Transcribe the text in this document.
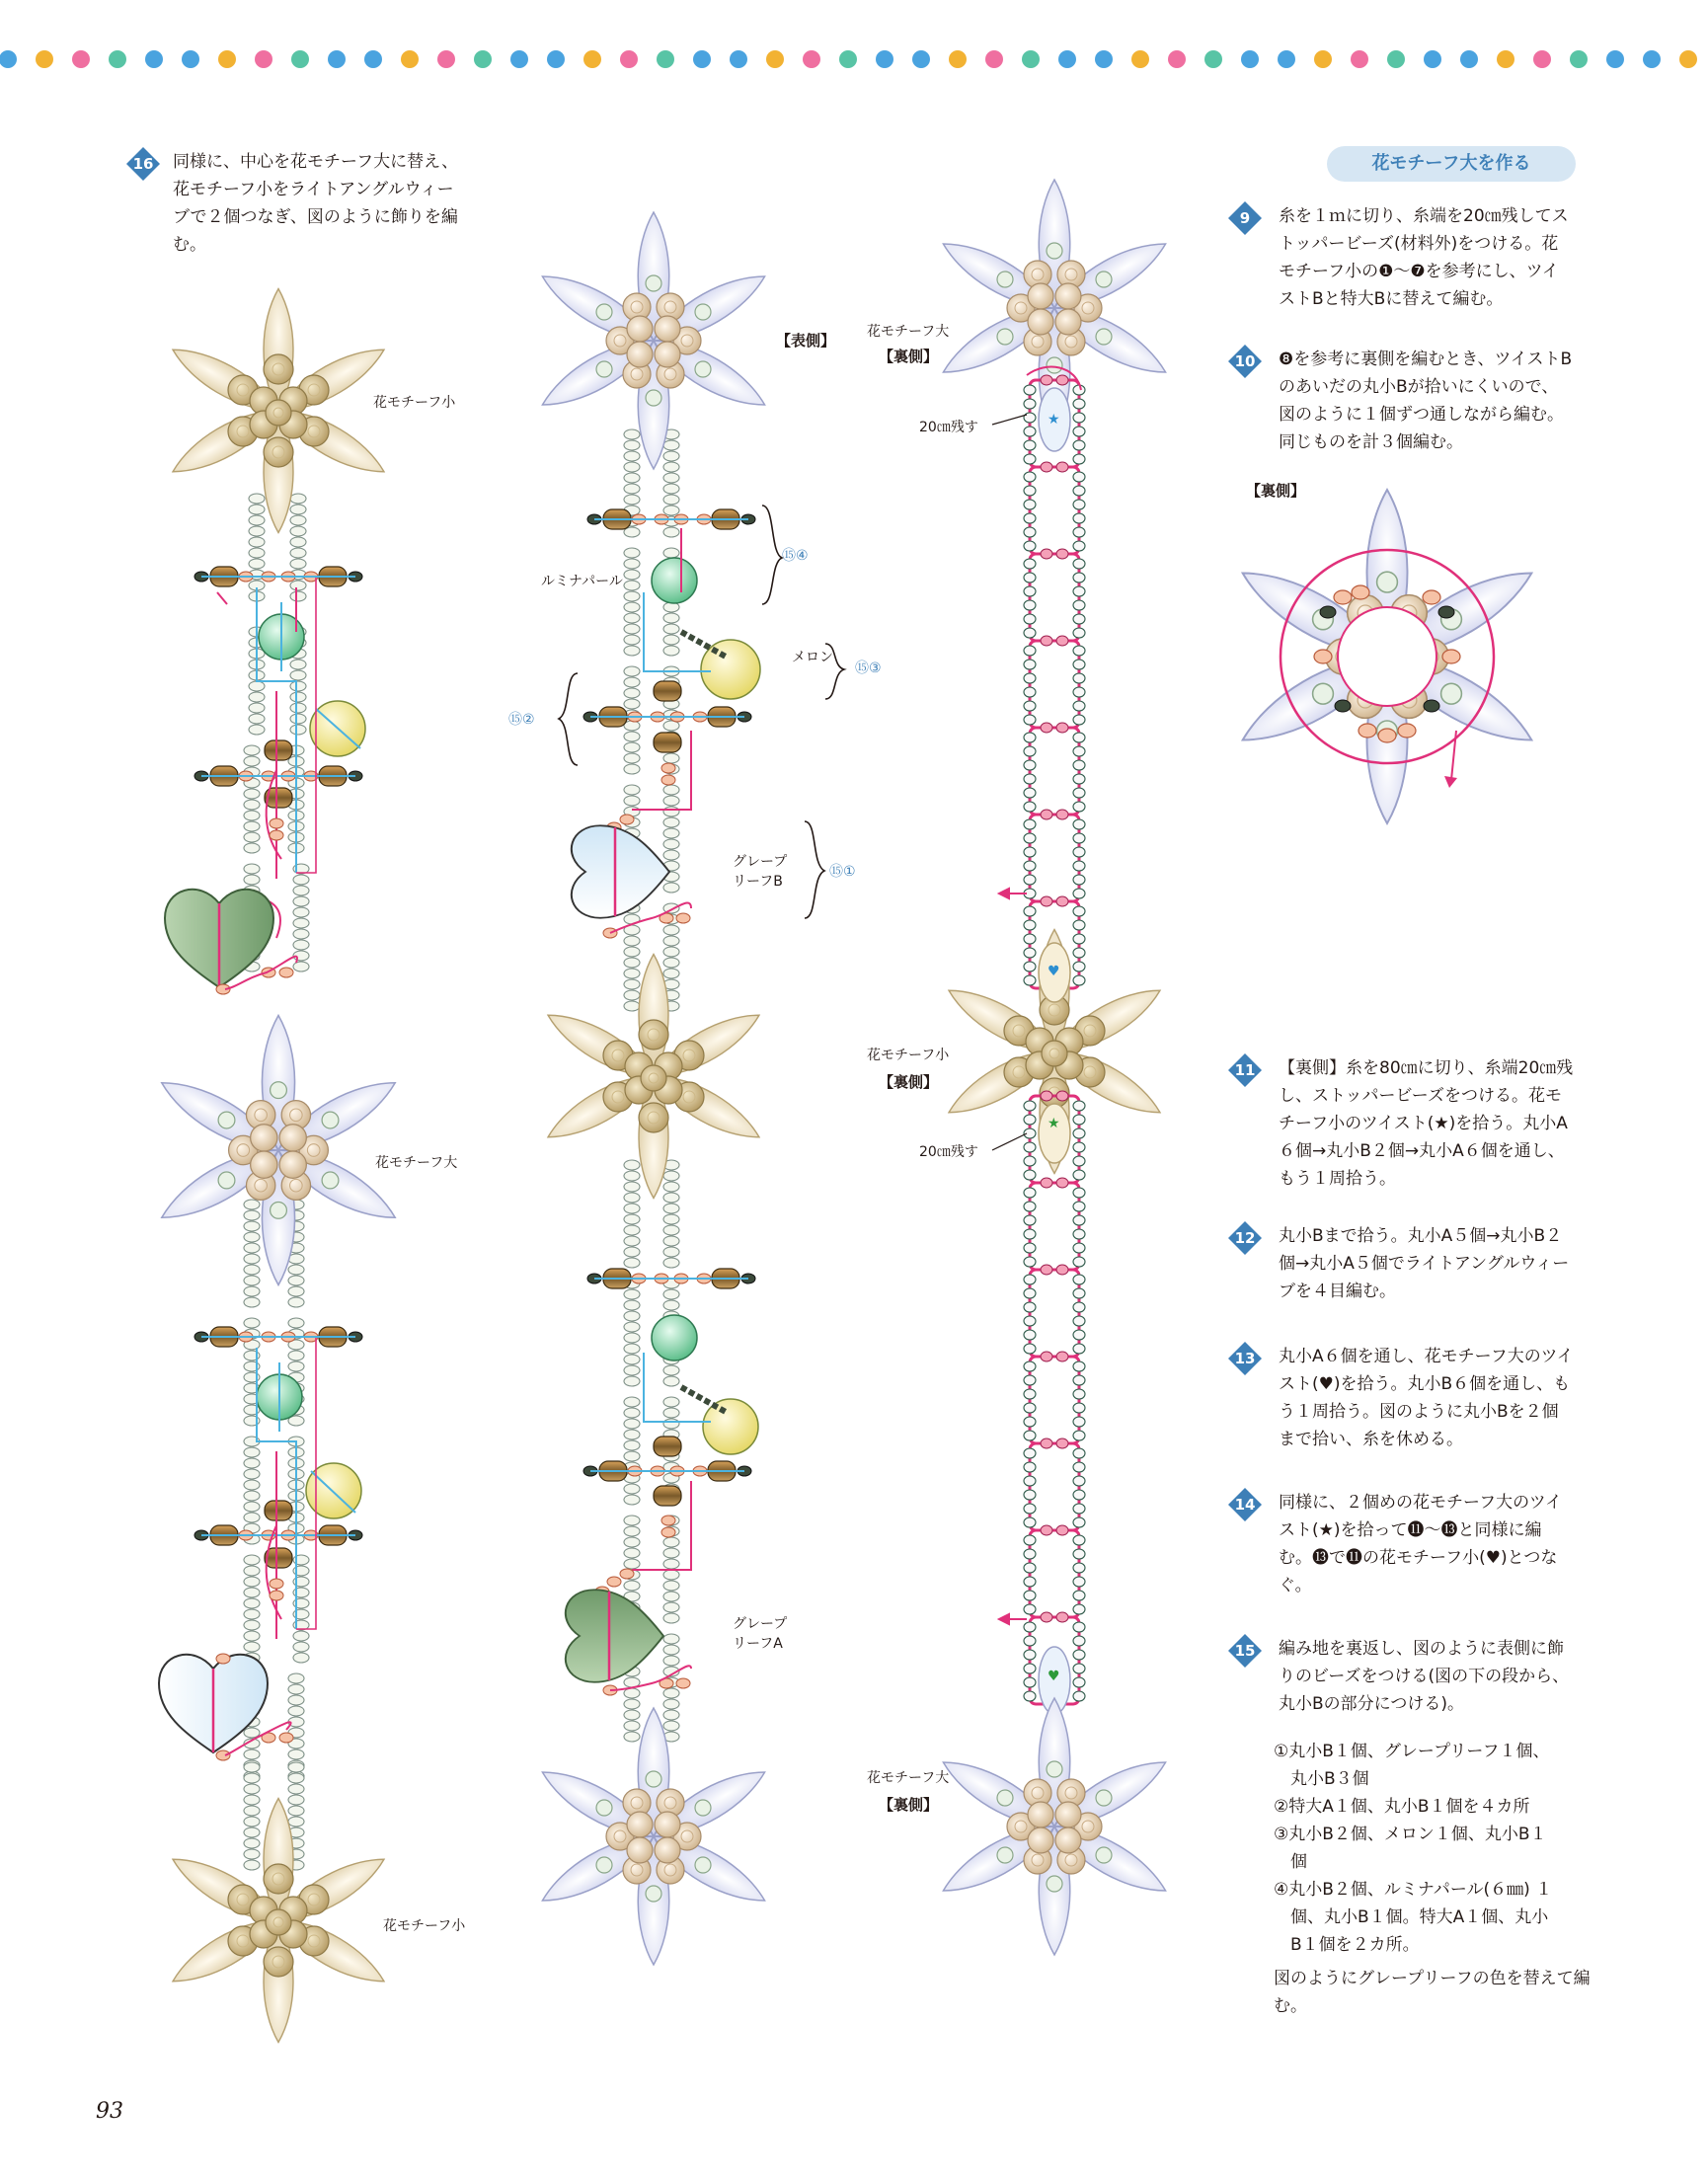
花モチーフ大を作る
16	同様に、中心を花モチーフ大に替え、花モチーフ小をライトアングルウィーブで２個つなぎ、図のように飾りを編む。
9	糸を１ｍに切り、糸端を20㎝残してストッパービーズ(材料外)をつける。花モチーフ小の❶〜❼を参考にし、ツイストBと特大Bに替えて編む。
10	❽を参考に裏側を編むとき、ツイストBのあいだの丸小Bが拾いにくいので、図のように１個ずつ通しながら編む。同じものを計３個編む。
【裏側】
11	【裏側】糸を80㎝に切り、糸端20㎝残し、ストッパービーズをつける。花モチーフ小のツイスト(★)を拾う。丸小A６個→丸小B２個→丸小A６個を通し、もう１周拾う。
12	丸小Bまで拾う。丸小A５個→丸小B２個→丸小A５個でライトアングルウィーブを４目編む。
13	丸小A６個を通し、花モチーフ大のツイスト(♥)を拾う。丸小B６個を通し、もう１周拾う。図のように丸小Bを２個まで拾い、糸を休める。
14	同様に、２個めの花モチーフ大のツイスト(★)を拾って⓫〜⓭と同様に編む。⓭で⓫の花モチーフ小(♥)とつなぐ。
15	編み地を裏返し、図のように表側に飾りのビーズをつける(図の下の段から、丸小Bの部分につける)。
①丸小B１個、グレープリーフ１個、
　丸小B３個
②特大A１個、丸小B１個を４カ所
③丸小B２個、メロン１個、丸小B１
　個
④丸小B２個、ルミナパール(６㎜) １
　個、丸小B１個。特大A１個、丸小
　B１個を２カ所。
図のようにグレープリーフの色を替えて編む。
花モチーフ小
花モチーフ大
花モチーフ小
【表側】
ルミナパール
メロン
グレープ
リーフB
グレープ
リーフA
⑮④
⑮③
⑮②
⑮①
花モチーフ大
【裏側】
20㎝残す
花モチーフ小
【裏側】
20㎝残す
花モチーフ大
【裏側】
★
♥
★
♥
93
